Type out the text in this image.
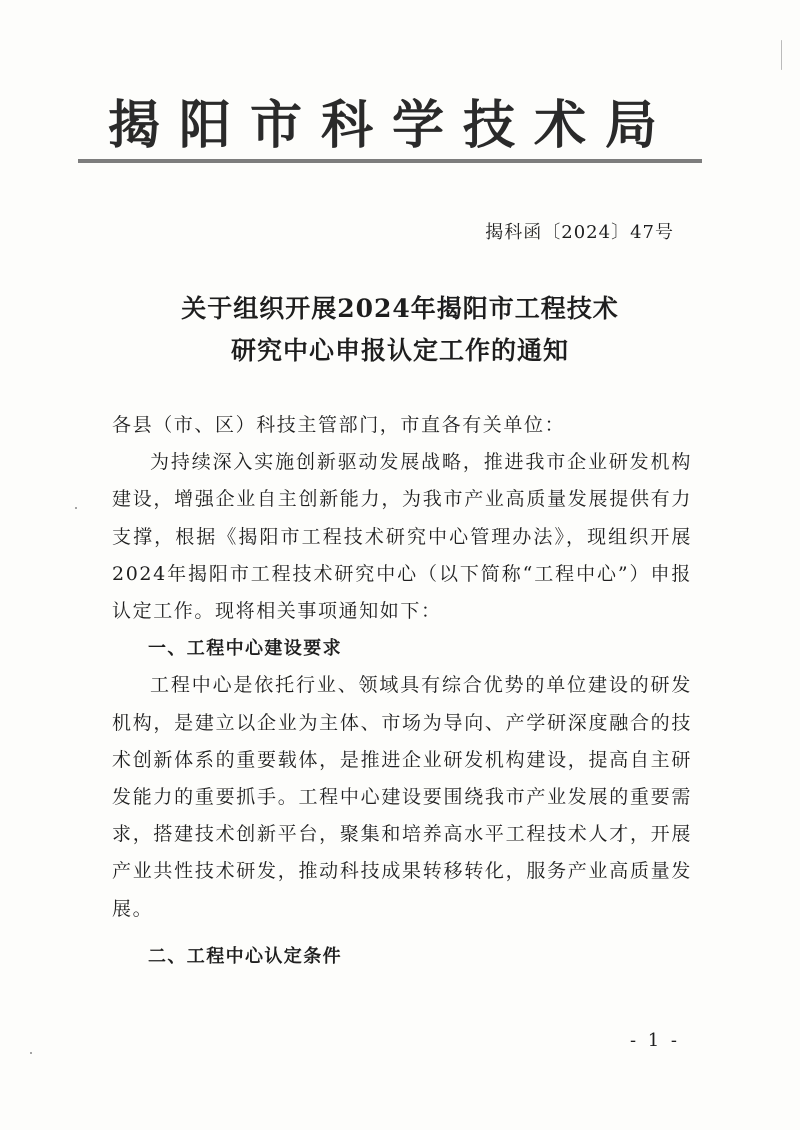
揭阳市科学技术局
揭科函〔2024〕47号
关于组织开展2024年揭阳市工程技术
研究中心申报认定工作的通知

各县（市、区）科技主管部门，市直各有关单位：

为持续深入实施创新驱动发展战略，推进我市企业研发机构建设，增强企业自主创新能力，为我市产业高质量发展提供有力支撑，根据《揭阳市工程技术研究中心管理办法》，现组织开展2024年揭阳市工程技术研究中心（以下简称“工程中心”）申报认定工作。现将相关事项通知如下：

一、工程中心建设要求

工程中心是依托行业、领域具有综合优势的单位建设的研发机构，是建立以企业为主体、市场为导向、产学研深度融合的技术创新体系的重要载体，是推进企业研发机构建设，提高自主研发能力的重要抓手。工程中心建设要围绕我市产业发展的重要需求，搭建技术创新平台，聚集和培养高水平工程技术人才，开展产业共性技术研发，推动科技成果转移转化，服务产业高质量发展。

二、工程中心认定条件

- 1 -
